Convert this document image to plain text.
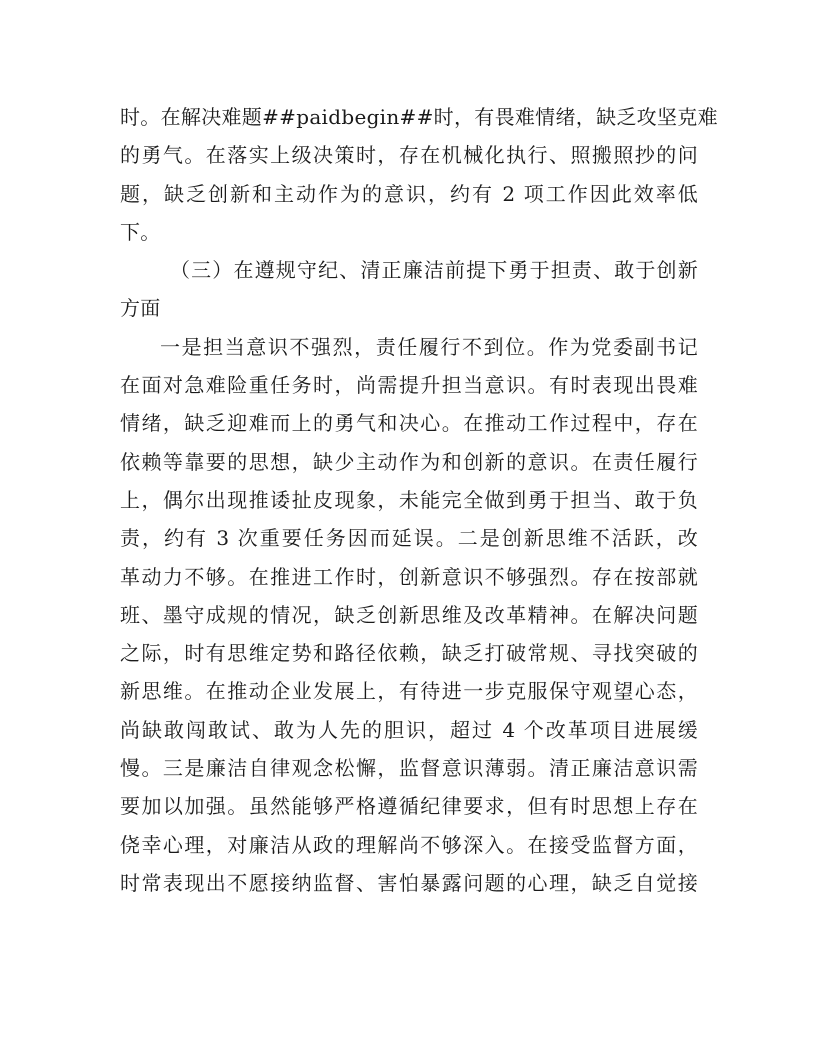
时。在解决难题##paidbegin##时，有畏难情绪，缺乏攻坚克难
的勇气。在落实上级决策时，存在机械化执行、照搬照抄的问
题，缺乏创新和主动作为的意识，约有 2 项工作因此效率低
下。
（三）在遵规守纪、清正廉洁前提下勇于担责、敢于创新
方面
一是担当意识不强烈，责任履行不到位。作为党委副书记
在面对急难险重任务时，尚需提升担当意识。有时表现出畏难
情绪，缺乏迎难而上的勇气和决心。在推动工作过程中，存在
依赖等靠要的思想，缺少主动作为和创新的意识。在责任履行
上，偶尔出现推诿扯皮现象，未能完全做到勇于担当、敢于负
责，约有 3 次重要任务因而延误。二是创新思维不活跃，改
革动力不够。在推进工作时，创新意识不够强烈。存在按部就
班、墨守成规的情况，缺乏创新思维及改革精神。在解决问题
之际，时有思维定势和路径依赖，缺乏打破常规、寻找突破的
新思维。在推动企业发展上，有待进一步克服保守观望心态，
尚缺敢闯敢试、敢为人先的胆识，超过 4 个改革项目进展缓
慢。三是廉洁自律观念松懈，监督意识薄弱。清正廉洁意识需
要加以加强。虽然能够严格遵循纪律要求，但有时思想上存在
侥幸心理，对廉洁从政的理解尚不够深入。在接受监督方面，
时常表现出不愿接纳监督、害怕暴露问题的心理，缺乏自觉接
